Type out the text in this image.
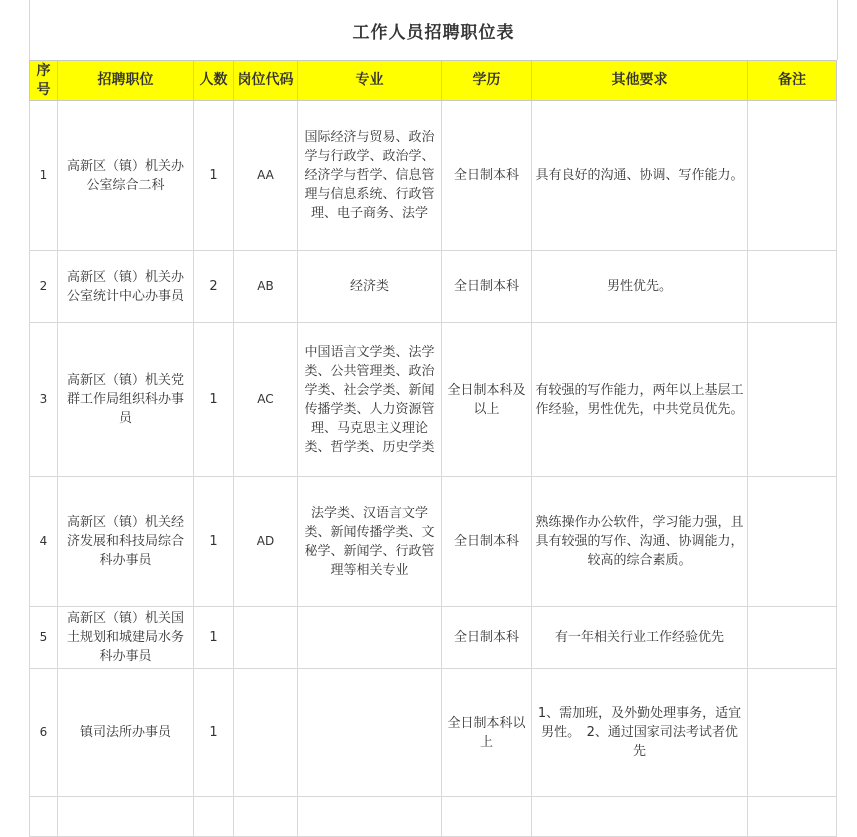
工作人员招聘职位表
序号	招聘职位	人数	岗位代码	专业	学历	其他要求	备注
1	高新区（镇）机关办公室综合二科	1	AA	国际经济与贸易、政治学与行政学、政治学、经济学与哲学、信息管理与信息系统、行政管理、电子商务、法学	全日制本科	具有良好的沟通、协调、写作能力。	
2	高新区（镇）机关办公室统计中心办事员	2	AB	经济类	全日制本科	男性优先。	
3	高新区（镇）机关党群工作局组织科办事员	1	AC	中国语言文学类、法学类、公共管理类、政治学类、社会学类、新闻传播学类、人力资源管理、马克思主义理论类、哲学类、历史学类	全日制本科及以上	有较强的写作能力，两年以上基层工作经验，男性优先，中共党员优先。	
4	高新区（镇）机关经济发展和科技局综合科办事员	1	AD	法学类、汉语言文学类、新闻传播学类、文秘学、新闻学、行政管理等相关专业	全日制本科	熟练操作办公软件，学习能力强，且具有较强的写作、沟通、协调能力，较高的综合素质。	
5	高新区（镇）机关国土规划和城建局水务科办事员	1			全日制本科	有一年相关行业工作经验优先	
6	镇司法所办事员	1			全日制本科以上	1、需加班，及外勤处理事务，适宜男性。　2、通过国家司法考试者优先	
